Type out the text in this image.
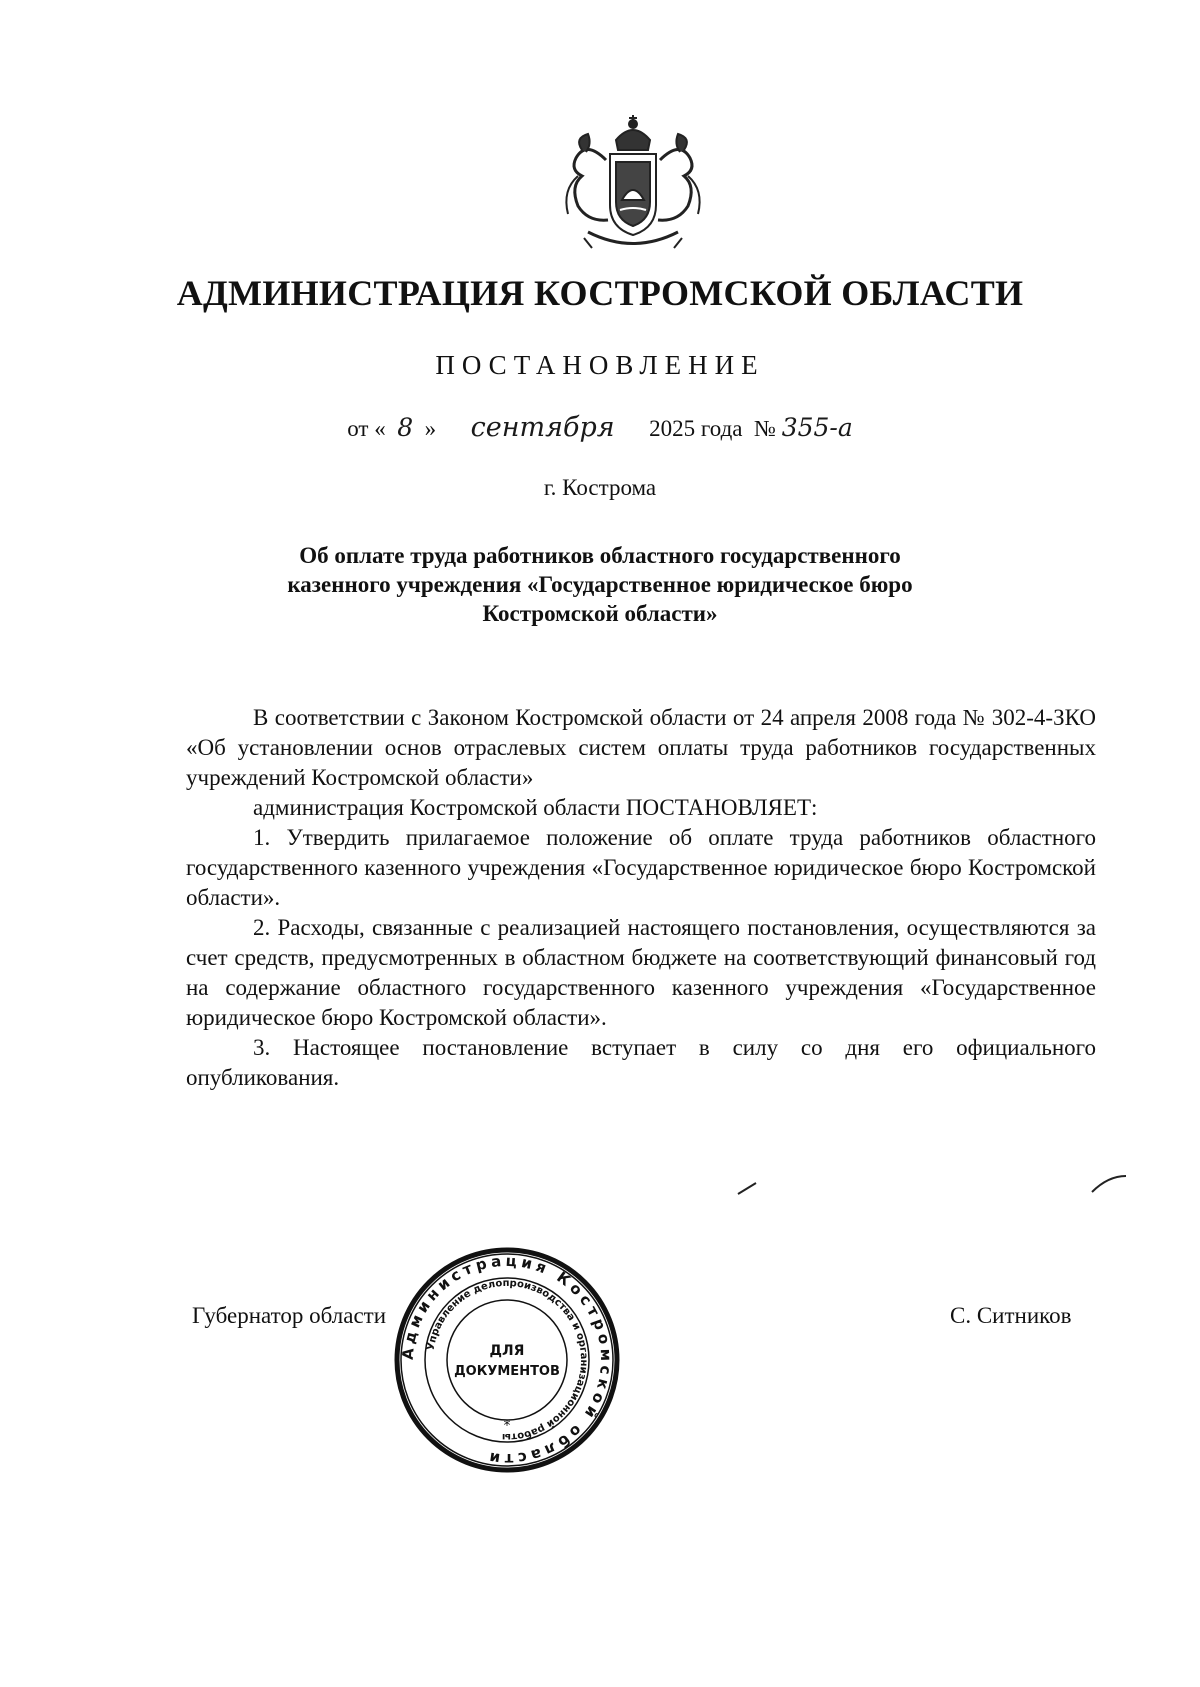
АДМИНИСТРАЦИЯ КОСТРОМСКОЙ ОБЛАСТИ
ПОСТАНОВЛЕНИЕ
от « 8 » сентября 2025 года № 355-а
г. Кострома
Об оплате труда работников областного государственного
казенного учреждения «Государственное юридическое бюро
Костромской области»

В соответствии с Законом Костромской области от 24 апреля 2008 года № 302-4-ЗКО «Об установлении основ отраслевых систем оплаты труда работников государственных учреждений Костромской области»

администрация Костромской области ПОСТАНОВЛЯЕТ:

1. Утвердить прилагаемое положение об оплате труда работников областного государственного казенного учреждения «Государственное юридическое бюро Костромской области».

2. Расходы, связанные с реализацией настоящего постановления, осуществляются за счет средств, предусмотренных в областном бюджете на соответствующий финансовый год на содержание областного государственного казенного учреждения «Государственное юридическое бюро Костромской области».

3. Настоящее постановление вступает в силу со дня его официального опубликования.

Губернатор области	С. Ситников
Администрация Костромской области
Управление делопроизводства и организационной работы
ДЛЯ
ДОКУМЕНТОВ
*
